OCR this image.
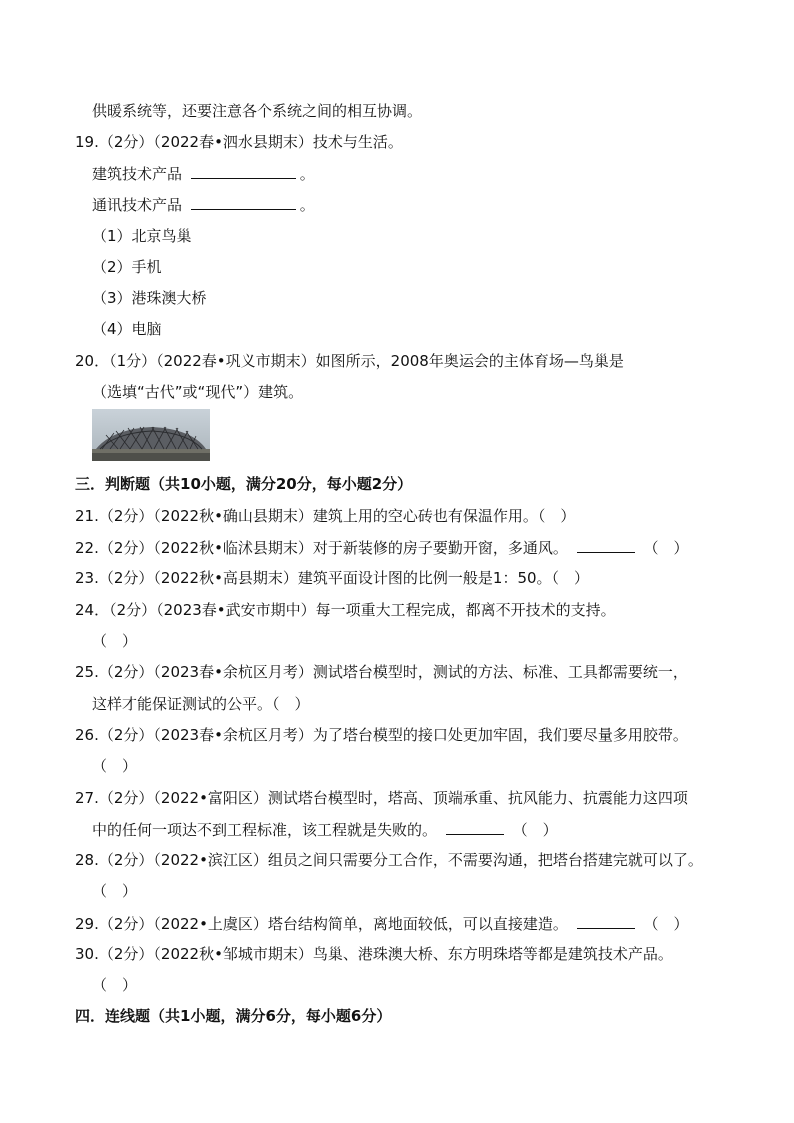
供暖系统等，还要注意各个系统之间的相互协调。
19.（2分）（2022春•泗水县期末）技术与生活。
建筑技术产品	。
通讯技术产品	。
（1）北京鸟巢
（2）手机
（3）港珠澳大桥
（4）电脑
20．（1分）（2022春•巩义市期末）如图所示，2008年奥运会的主体育场—鸟巢是
（选填“古代”或“现代”）建筑。
三．判断题（共10小题，满分20分，每小题2分）
21.（2分）（2022秋•确山县期末）建筑上用的空心砖也有保温作用。（　）
22.（2分）（2022秋•临沭县期末）对于新装修的房子要勤开窗，多通风。	（　）
23.（2分）（2022秋•高县期末）建筑平面设计图的比例一般是1：50。（　）
24．（2分）（2023春•武安市期中）每一项重大工程完成，都离不开技术的支持。
（　）
25.（2分）（2023春•余杭区月考）测试塔台模型时，测试的方法、标准、工具都需要统一，
这样才能保证测试的公平。（　）
26.（2分）（2023春•余杭区月考）为了塔台模型的接口处更加牢固，我们要尽量多用胶带。
（　）
27.（2分）（2022•富阳区）测试塔台模型时，塔高、顶端承重、抗风能力、抗震能力这四项
中的任何一项达不到工程标准，该工程就是失败的。	（　）
28.（2分）（2022•滨江区）组员之间只需要分工合作，不需要沟通，把塔台搭建完就可以了。
（　）
29.（2分）（2022•上虞区）塔台结构简单，离地面较低，可以直接建造。	（　）
30.（2分）（2022秋•邹城市期末）鸟巢、港珠澳大桥、东方明珠塔等都是建筑技术产品。
（　）
四．连线题（共1小题，满分6分，每小题6分）
